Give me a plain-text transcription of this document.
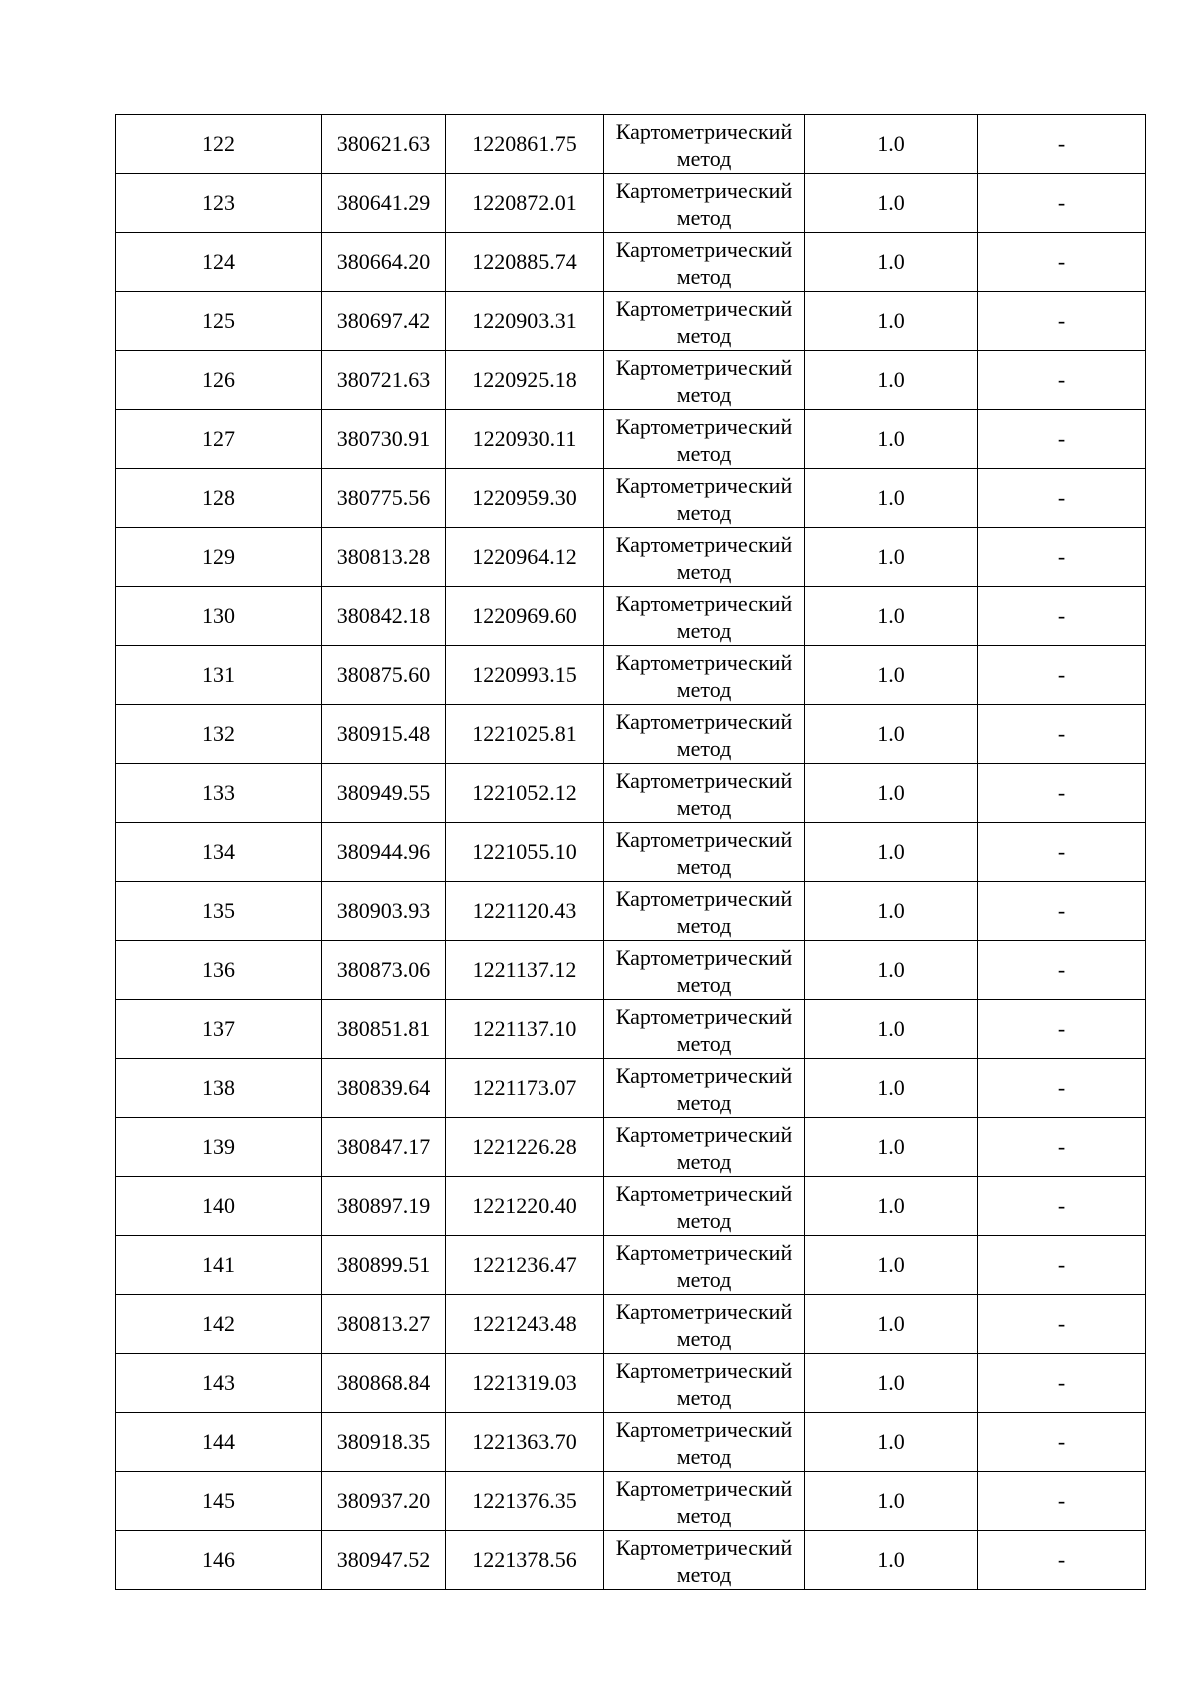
122	380621.63	1220861.75	Картометрический метод	1.0	-
123	380641.29	1220872.01	Картометрический метод	1.0	-
124	380664.20	1220885.74	Картометрический метод	1.0	-
125	380697.42	1220903.31	Картометрический метод	1.0	-
126	380721.63	1220925.18	Картометрический метод	1.0	-
127	380730.91	1220930.11	Картометрический метод	1.0	-
128	380775.56	1220959.30	Картометрический метод	1.0	-
129	380813.28	1220964.12	Картометрический метод	1.0	-
130	380842.18	1220969.60	Картометрический метод	1.0	-
131	380875.60	1220993.15	Картометрический метод	1.0	-
132	380915.48	1221025.81	Картометрический метод	1.0	-
133	380949.55	1221052.12	Картометрический метод	1.0	-
134	380944.96	1221055.10	Картометрический метод	1.0	-
135	380903.93	1221120.43	Картометрический метод	1.0	-
136	380873.06	1221137.12	Картометрический метод	1.0	-
137	380851.81	1221137.10	Картометрический метод	1.0	-
138	380839.64	1221173.07	Картометрический метод	1.0	-
139	380847.17	1221226.28	Картометрический метод	1.0	-
140	380897.19	1221220.40	Картометрический метод	1.0	-
141	380899.51	1221236.47	Картометрический метод	1.0	-
142	380813.27	1221243.48	Картометрический метод	1.0	-
143	380868.84	1221319.03	Картометрический метод	1.0	-
144	380918.35	1221363.70	Картометрический метод	1.0	-
145	380937.20	1221376.35	Картометрический метод	1.0	-
146	380947.52	1221378.56	Картометрический метод	1.0	-
